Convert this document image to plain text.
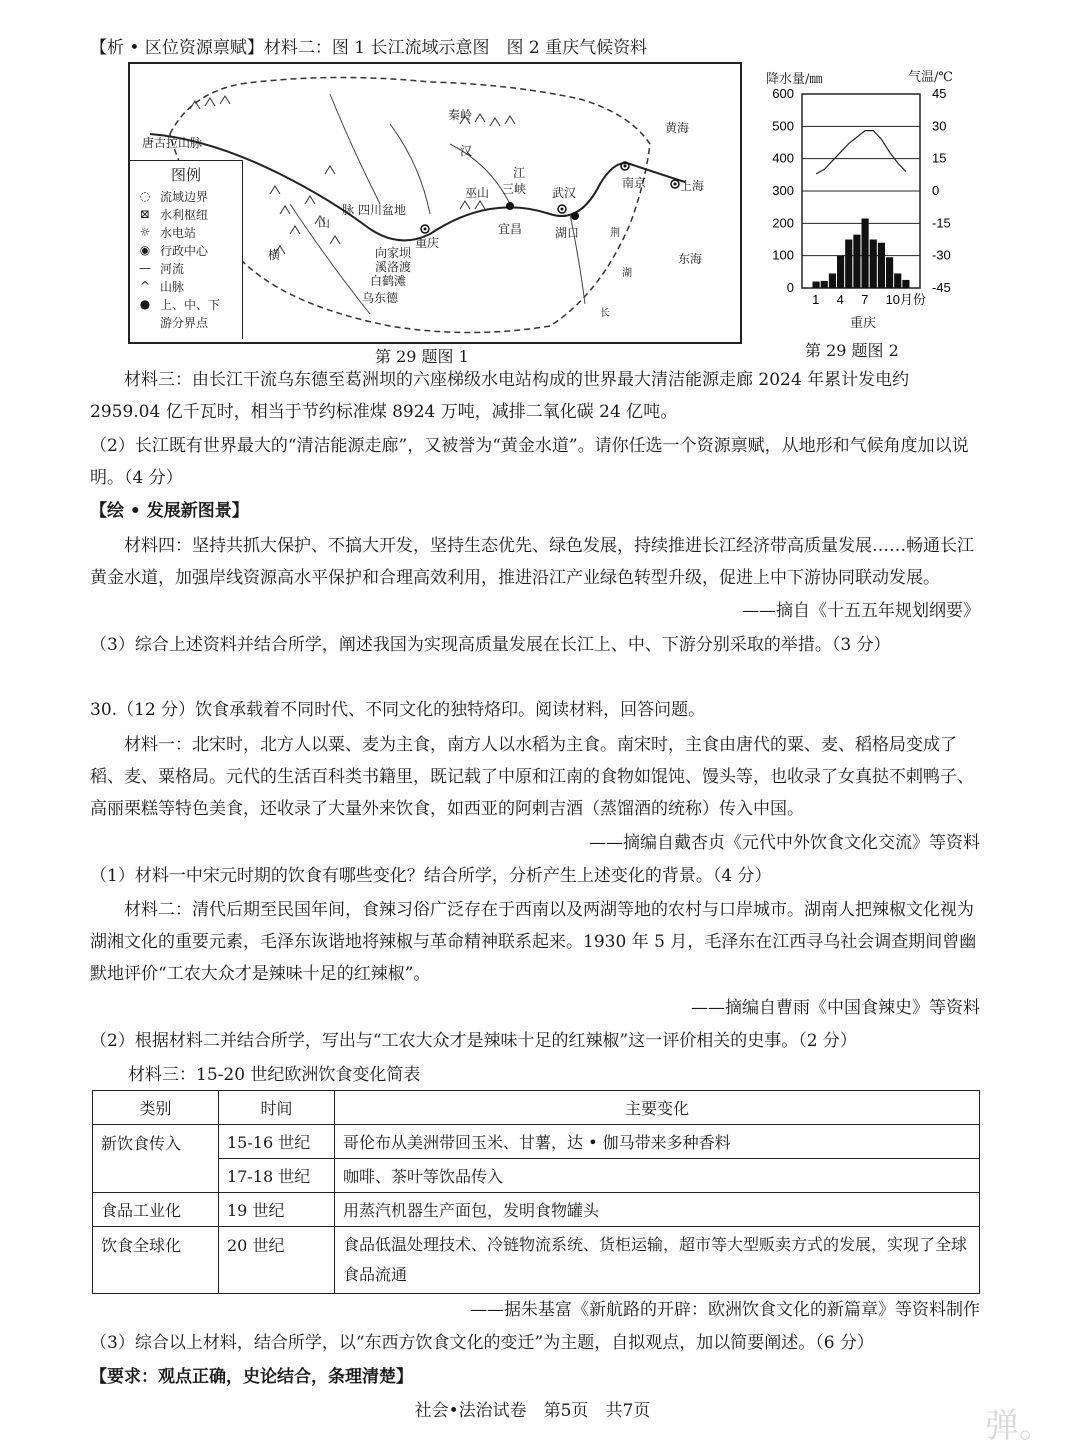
【析 • 区位资源禀赋】材料二：图 1 长江流域示意图　图 2 重庆气候资料
唐古拉山脉
秦岭
黄海
汉
江
三峡 武汉
南京	上海
巫山
四川盆地
脉
重庆
宜昌	湖口
东海
向家坝
溪洛渡
白鹤滩
乌东德
横
山
荆
湖
长
图例
◌ 流域边界
⊠ 水利枢纽
☼ 水电站
◉ 行政中心
— 河流
^ 山脉
● 上、中、下
游分界点
第 29 题图 1
降水量/㎜	气温/℃
0
100
200
300
400
500
600	45
30
15
0
-15
-30
-45
1 4 7 10月份
重庆
第 29 题图 2
材料三：由长江干流乌东德至葛洲坝的六座梯级水电站构成的世界最大清洁能源走廊 2024 年累计发电约 2959.04 亿千瓦时，相当于节约标准煤 8924 万吨，减排二氧化碳 24 亿吨。
（2）长江既有世界最大的“清洁能源走廊”，又被誉为“黄金水道”。请你任选一个资源禀赋，从地形和气候角度加以说明。（4 分）
【绘 • 发展新图景】
材料四：坚持共抓大保护、不搞大开发，坚持生态优先、绿色发展，持续推进长江经济带高质量发展……畅通长江黄金水道，加强岸线资源高水平保护和合理高效利用，推进沿江产业绿色转型升级，促进上中下游协同联动发展。
——摘自《十五五年规划纲要》
（3）综合上述资料并结合所学，阐述我国为实现高质量发展在长江上、中、下游分别采取的举措。（3 分）
30.（12 分）饮食承载着不同时代、不同文化的独特烙印。阅读材料，回答问题。
材料一：北宋时，北方人以粟、麦为主食，南方人以水稻为主食。南宋时，主食由唐代的粟、麦、稻格局变成了稻、麦、粟格局。元代的生活百科类书籍里，既记载了中原和江南的食物如馄饨、馒头等，也收录了女真挞不剌鸭子、高丽栗糕等特色美食，还收录了大量外来饮食，如西亚的阿剌吉酒（蒸馏酒的统称）传入中国。
——摘编自戴杏贞《元代中外饮食文化交流》等资料
（1）材料一中宋元时期的饮食有哪些变化？结合所学，分析产生上述变化的背景。（4 分）
材料二：清代后期至民国年间，食辣习俗广泛存在于西南以及两湖等地的农村与口岸城市。湖南人把辣椒文化视为湖湘文化的重要元素，毛泽东诙谐地将辣椒与革命精神联系起来。1930 年 5 月，毛泽东在江西寻乌社会调查期间曾幽默地评价“工农大众才是辣味十足的红辣椒”。
——摘编自曹雨《中国食辣史》等资料
（2）根据材料二并结合所学，写出与“工农大众才是辣味十足的红辣椒”这一评价相关的史事。（2 分）
材料三：15-20 世纪欧洲饮食变化简表
类别	时间	主要变化
新饮食传入	15-16 世纪	哥伦布从美洲带回玉米、甘薯，达 • 伽马带来多种香料
	17-18 世纪	咖啡、茶叶等饮品传入
食品工业化	19 世纪	用蒸汽机器生产面包，发明食物罐头
饮食全球化	20 世纪	食品低温处理技术、冷链物流系统、货柜运输，超市等大型贩卖方式的发展，实现了全球食品流通
——据朱基富《新航路的开辟：欧洲饮食文化的新篇章》等资料制作
（3）综合以上材料，结合所学，以“东西方饮食文化的变迁”为主题，自拟观点，加以简要阐述。（6 分）
【要求：观点正确，史论结合，条理清楚】
社会•法治试卷　第5页　共7页	弹。
